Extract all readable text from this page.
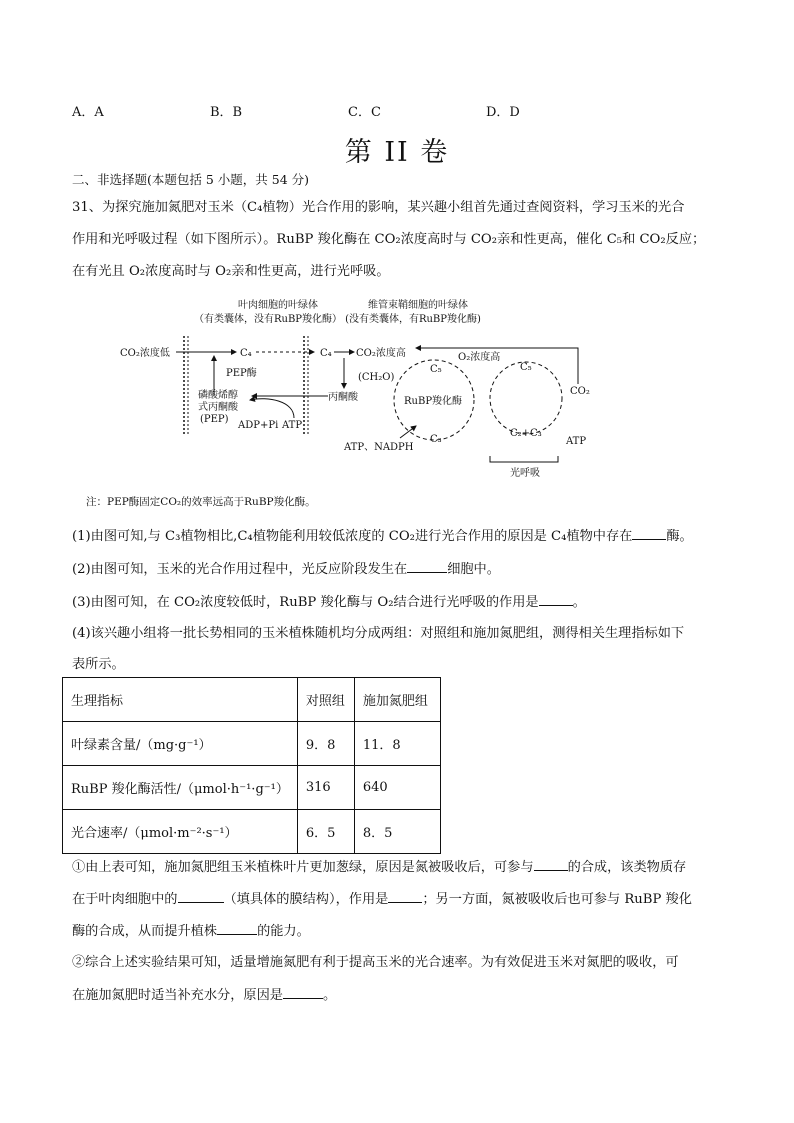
A．A	B．B	C．C	D．D
第 II 卷
二、非选择题(本题包括 5 小题，共 54 分)
31、为探究施加氮肥对玉米（C₄植物）光合作用的影响，某兴趣小组首先通过查阅资料，学习玉米的光合
作用和光呼吸过程（如下图所示）。RuBP 羧化酶在 CO₂浓度高时与 CO₂亲和性更高，催化 C₅和 CO₂反应；
在有光且 O₂浓度高时与 O₂亲和性更高，进行光呼吸。
叶肉细胞的叶绿体
（有类囊体，没有RuBP羧化酶）
维管束鞘细胞的叶绿体
(没有类囊体，有RuBP羧化酶)
CO₂浓度低	C₄
PEP酶
磷酸烯醇
式丙酮酸
(PEP)
ADP+Pi ATP
C₄ CO₂浓度高
丙酮酸
(CH₂O)
C₅
RuBP羧化酶
C₃
ATP、NADPH
O₂浓度高
C₅
C₂+C₃
CO₂
ATP
光呼吸
注：PEP酶固定CO₂的效率远高于RuBP羧化酶。
(1)由图可知,与 C₃植物相比,C₄植物能利用较低浓度的 CO₂进行光合作用的原因是 C₄植物中存在	酶。
(2)由图可知，玉米的光合作用过程中，光反应阶段发生在	细胞中。
(3)由图可知，在 CO₂浓度较低时，RuBP 羧化酶与 O₂结合进行光呼吸的作用是	。
(4)该兴趣小组将一批长势相同的玉米植株随机均分成两组：对照组和施加氮肥组，测得相关生理指标如下
表所示。
生理指标	对照组	施加氮肥组
叶绿素含量/（mg·g⁻¹）	9．8	11．8
RuBP 羧化酶活性/（μmol·h⁻¹·g⁻¹）	316	640
光合速率/（μmol·m⁻²·s⁻¹）	6．5	8．5
①由上表可知，施加氮肥组玉米植株叶片更加葱绿，原因是氮被吸收后，可参与	的合成，该类物质存
在于叶肉细胞中的	（填具体的膜结构），作用是	；另一方面，氮被吸收后也可参与 RuBP 羧化
酶的合成，从而提升植株	的能力。
②综合上述实验结果可知，适量增施氮肥有利于提高玉米的光合速率。为有效促进玉米对氮肥的吸收，可
在施加氮肥时适当补充水分，原因是	。
